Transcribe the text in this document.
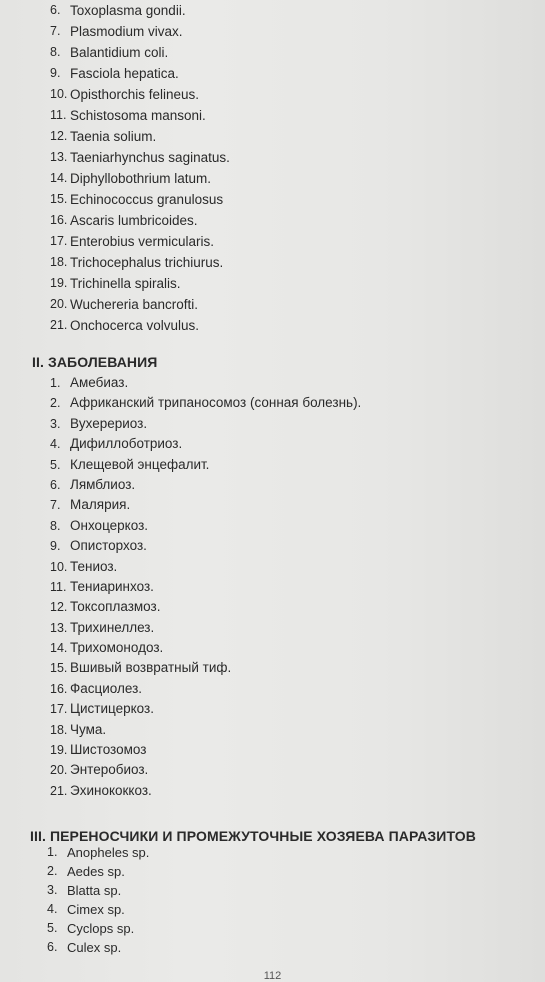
6. Toxoplasma gondii.
7. Plasmodium vivax.
8. Balantidium coli.
9. Fasciola hepatica.
10. Opisthorchis felineus.
11. Schistosoma mansoni.
12. Taenia solium.
13. Taeniarhynchus saginatus.
14. Diphyllobothrium latum.
15. Echinococcus granulosus
16. Ascaris lumbricoides.
17. Enterobius vermicularis.
18. Trichocephalus trichiurus.
19. Trichinella spiralis.
20. Wuchereria bancrofti.
21. Onchocerca volvulus.
II. ЗАБОЛЕВАНИЯ
1. Амебиаз.
2. Африканский трипаносомоз (сонная болезнь).
3. Вухерериоз.
4. Дифиллоботриоз.
5. Клещевой энцефалит.
6. Лямблиоз.
7. Малярия.
8. Онхоцеркоз.
9. Описторхоз.
10. Тениоз.
11. Тениаринхоз.
12. Токсоплазмоз.
13. Трихинеллез.
14. Трихомонодоз.
15. Вшивый возвратный тиф.
16. Фасциолез.
17. Цистицеркоз.
18. Чума.
19. Шистозомоз
20. Энтеробиоз.
21. Эхинококкоз.
III. ПЕРЕНОСЧИКИ И ПРОМЕЖУТОЧНЫЕ ХОЗЯЕВА ПАРАЗИТОВ
1. Anopheles sp.
2. Aedes sp.
3. Blatta sp.
4. Cimex sp.
5. Cyclops sp.
6. Culex sp.
112
